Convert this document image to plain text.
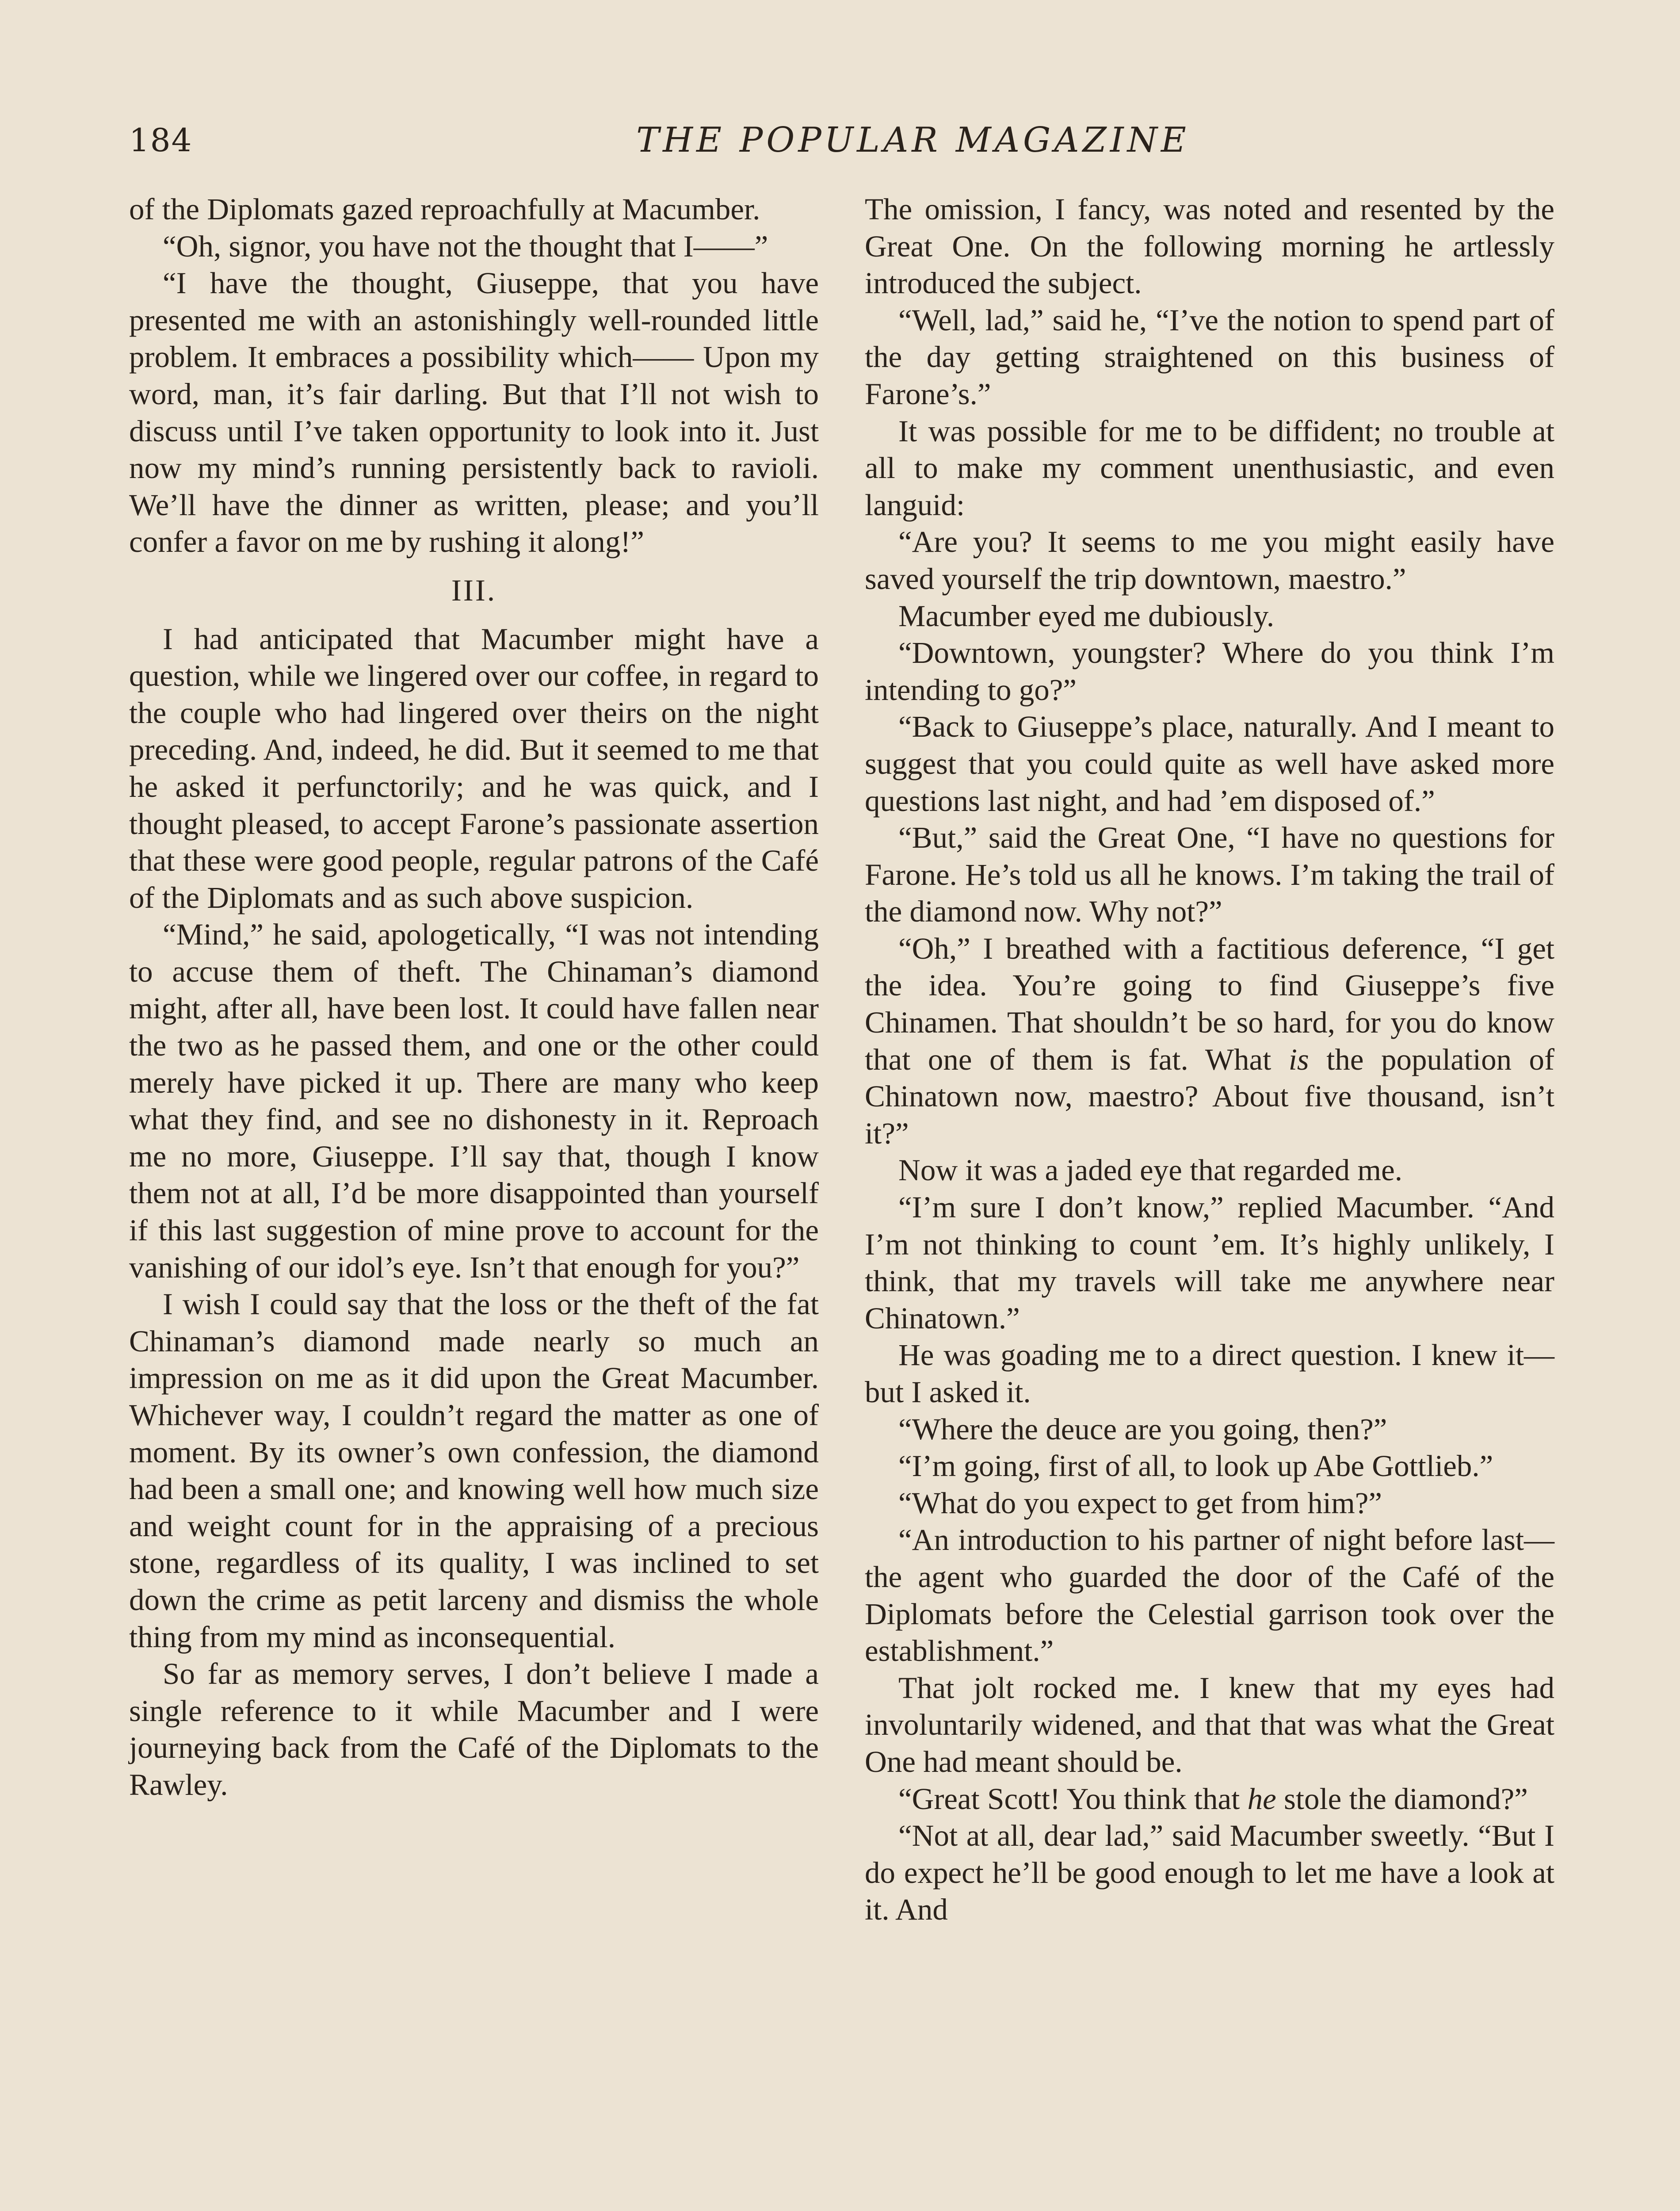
184	THE POPULAR MAGAZINE

of the Diplomats gazed reproachfully at Macumber.

“Oh, signor, you have not the thought that I——”

“I have the thought, Giuseppe, that you have presented me with an astonishingly well-rounded little problem. It embraces a possibility which—— Upon my word, man, it’s fair darling. But that I’ll not wish to discuss until I’ve taken opportunity to look into it. Just now my mind’s running persistently back to ravioli. We’ll have the dinner as written, please; and you’ll confer a favor on me by rushing it along!”

III.

I had anticipated that Macumber might have a question, while we lingered over our coffee, in regard to the couple who had lingered over theirs on the night preceding. And, indeed, he did. But it seemed to me that he asked it perfunctorily; and he was quick, and I thought pleased, to accept Farone’s passionate assertion that these were good people, regular patrons of the Café of the Diplomats and as such above suspicion.

“Mind,” he said, apologetically, “I was not intending to accuse them of theft. The Chinaman’s diamond might, after all, have been lost. It could have fallen near the two as he passed them, and one or the other could merely have picked it up. There are many who keep what they find, and see no dishonesty in it. Reproach me no more, Giuseppe. I’ll say that, though I know them not at all, I’d be more disappointed than yourself if this last suggestion of mine prove to account for the vanishing of our idol’s eye. Isn’t that enough for you?”

I wish I could say that the loss or the theft of the fat Chinaman’s diamond made nearly so much an impression on me as it did upon the Great Macumber. Whichever way, I couldn’t regard the matter as one of moment. By its owner’s own confession, the diamond had been a small one; and knowing well how much size and weight count for in the appraising of a precious stone, regardless of its quality, I was inclined to set down the crime as petit larceny and dismiss the whole thing from my mind as inconsequential.

So far as memory serves, I don’t believe I made a single reference to it while Macumber and I were journeying back from the Café of the Diplomats to the Rawley.

The omission, I fancy, was noted and resented by the Great One. On the following morning he artlessly introduced the subject.

“Well, lad,” said he, “I’ve the notion to spend part of the day getting straightened on this business of Farone’s.”

It was possible for me to be diffident; no trouble at all to make my comment unenthusiastic, and even languid:

“Are you? It seems to me you might easily have saved yourself the trip downtown, maestro.”

Macumber eyed me dubiously.

“Downtown, youngster? Where do you think I’m intending to go?”

“Back to Giuseppe’s place, naturally. And I meant to suggest that you could quite as well have asked more questions last night, and had ’em disposed of.”

“But,” said the Great One, “I have no questions for Farone. He’s told us all he knows. I’m taking the trail of the diamond now. Why not?”

“Oh,” I breathed with a factitious deference, “I get the idea. You’re going to find Giuseppe’s five Chinamen. That shouldn’t be so hard, for you do know that one of them is fat. What is the population of Chinatown now, maestro? About five thousand, isn’t it?”

Now it was a jaded eye that regarded me.

“I’m sure I don’t know,” replied Macumber. “And I’m not thinking to count ’em. It’s highly unlikely, I think, that my travels will take me anywhere near Chinatown.”

He was goading me to a direct question. I knew it—but I asked it.

“Where the deuce are you going, then?”

“I’m going, first of all, to look up Abe Gottlieb.”

“What do you expect to get from him?”

“An introduction to his partner of night before last—the agent who guarded the door of the Café of the Diplomats before the Celestial garrison took over the establishment.”

That jolt rocked me. I knew that my eyes had involuntarily widened, and that that was what the Great One had meant should be.

“Great Scott! You think that he stole the diamond?”

“Not at all, dear lad,” said Macumber sweetly. “But I do expect he’ll be good enough to let me have a look at it. And
